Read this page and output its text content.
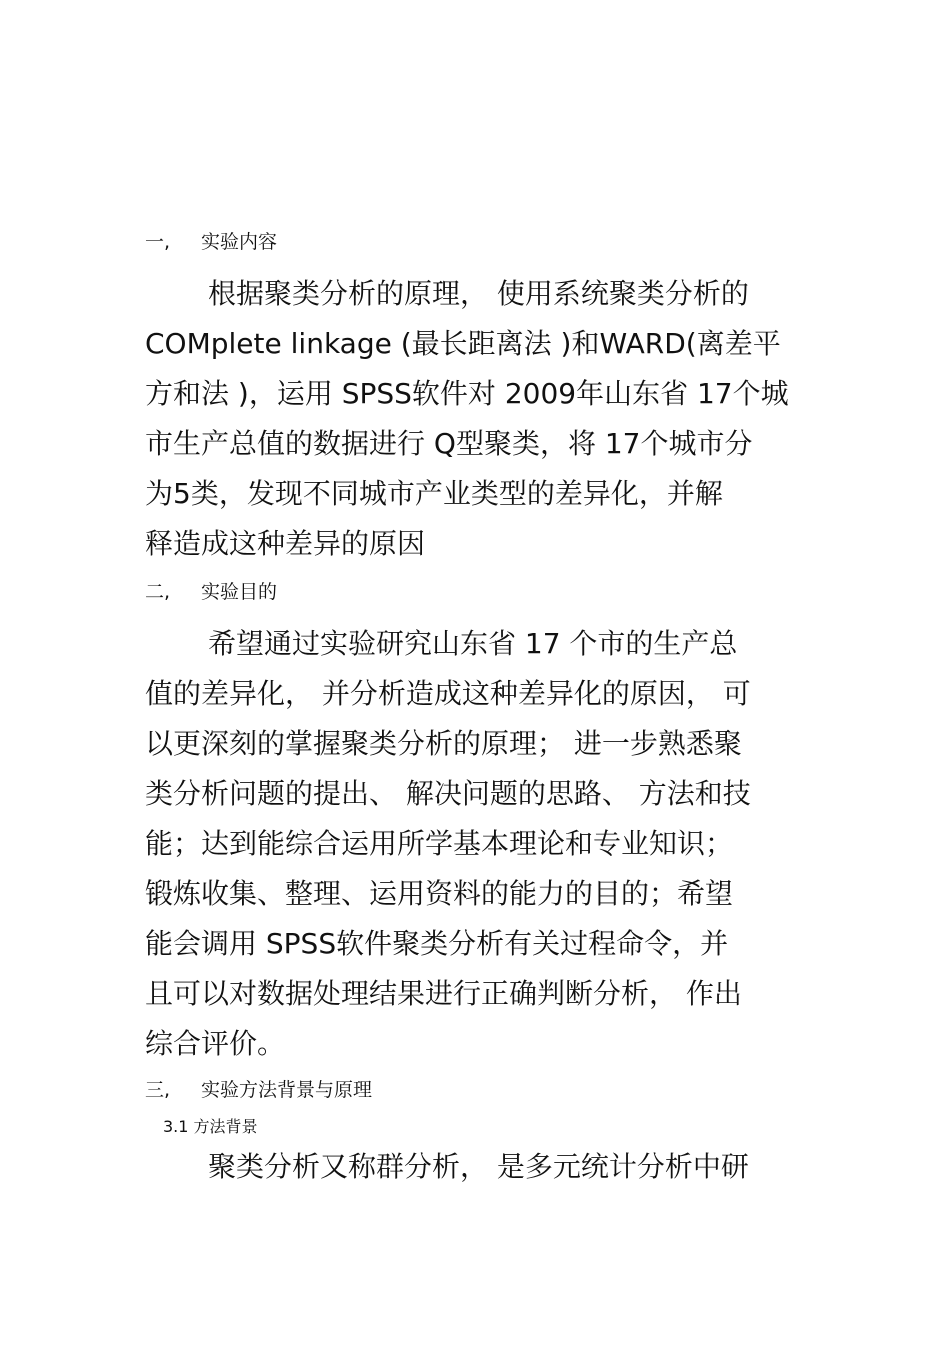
一, 实验内容
根据聚类分析的原理， 使用系统聚类分析的
COMplete linkage (最长距离法 )和WARD(离差平
方和法 )，运用 SPSS软件对 2009年山东省 17个城
市生产总值的数据进行 Q型聚类，将 17个城市分
为5类，发现不同城市产业类型的差异化，并解
释造成这种差异的原因
二, 实验目的
希望通过实验研究山东省 17 个市的生产总
值的差异化， 并分析造成这种差异化的原因， 可
以更深刻的掌握聚类分析的原理； 进一步熟悉聚
类分析问题的提出、 解决问题的思路、 方法和技
能；达到能综合运用所学基本理论和专业知识；
锻炼收集、整理、运用资料的能力的目的；希望
能会调用 SPSS软件聚类分析有关过程命令，并
且可以对数据处理结果进行正确判断分析， 作出
综合评价。
三, 实验方法背景与原理
3.1 方法背景
聚类分析又称群分析， 是多元统计分析中研
